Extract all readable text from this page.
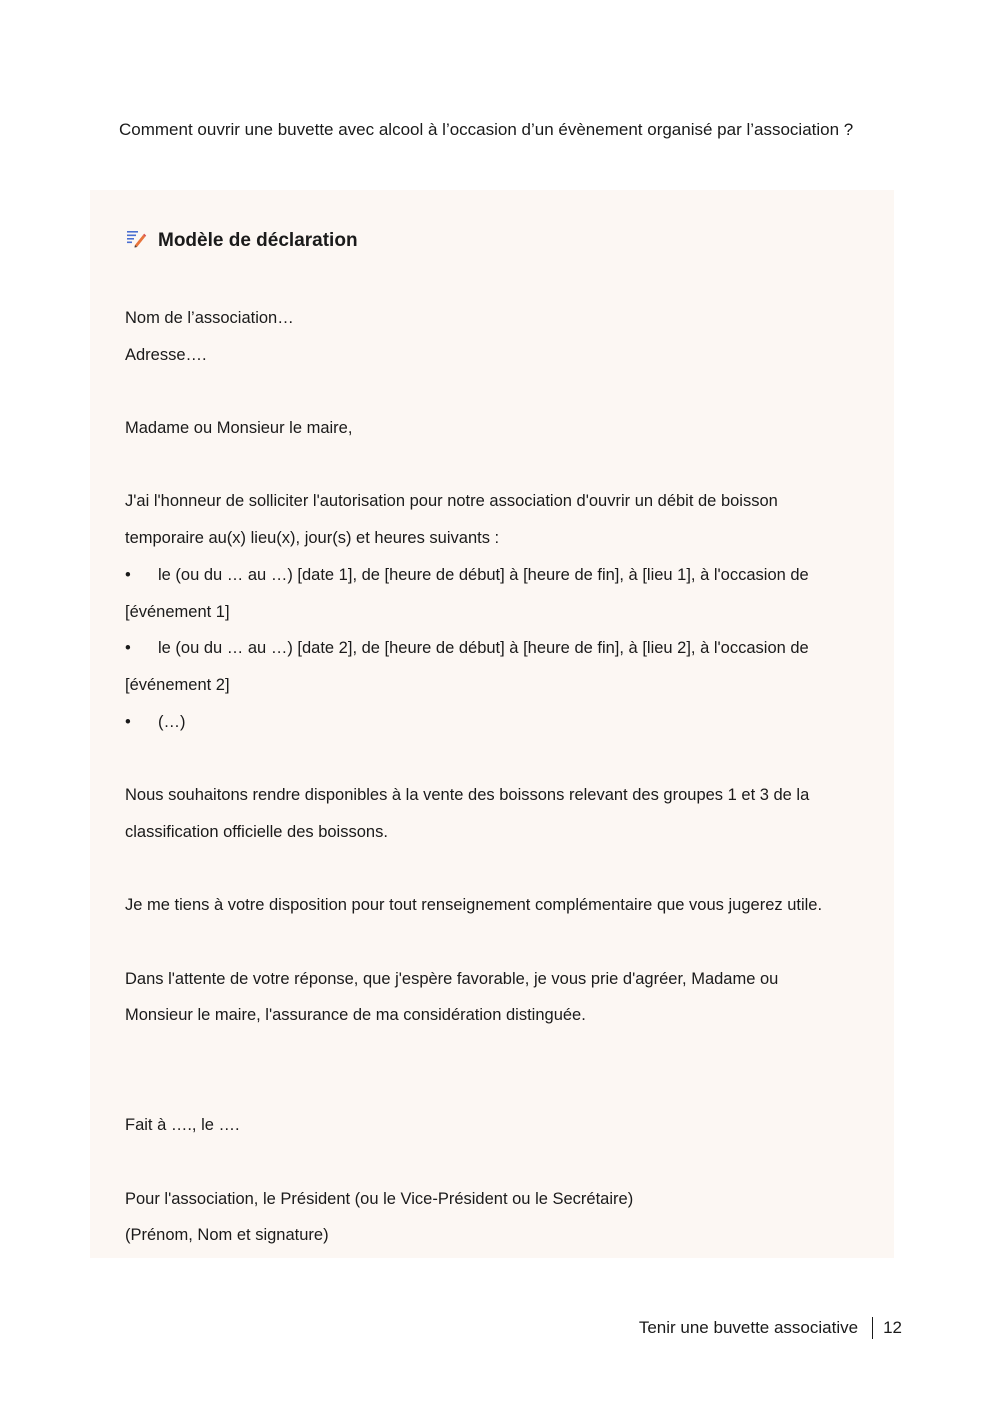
Comment ouvrir une buvette avec alcool à l’occasion d’un évènement organisé par l’association ?
Modèle de déclaration

Nom de l’association…

Adresse….

Madame ou Monsieur le maire,

J'ai l'honneur de solliciter l'autorisation pour notre association d'ouvrir un débit de boisson

temporaire au(x) lieu(x), jour(s) et heures suivants :

• le (ou du … au …) [date 1], de [heure de début] à [heure de fin], à [lieu 1], à l'occasion de

[événement 1]

• le (ou du … au …) [date 2], de [heure de début] à [heure de fin], à [lieu 2], à l'occasion de

[événement 2]

• (…)

Nous souhaitons rendre disponibles à la vente des boissons relevant des groupes 1 et 3 de la

classification officielle des boissons.

Je me tiens à votre disposition pour tout renseignement complémentaire que vous jugerez utile.

Dans l'attente de votre réponse, que j'espère favorable, je vous prie d'agréer, Madame ou

Monsieur le maire, l'assurance de ma considération distinguée.

Fait à …., le ….

Pour l'association, le Président (ou le Vice-Président ou le Secrétaire)

(Prénom, Nom et signature)

Tenir une buvette associative 12
